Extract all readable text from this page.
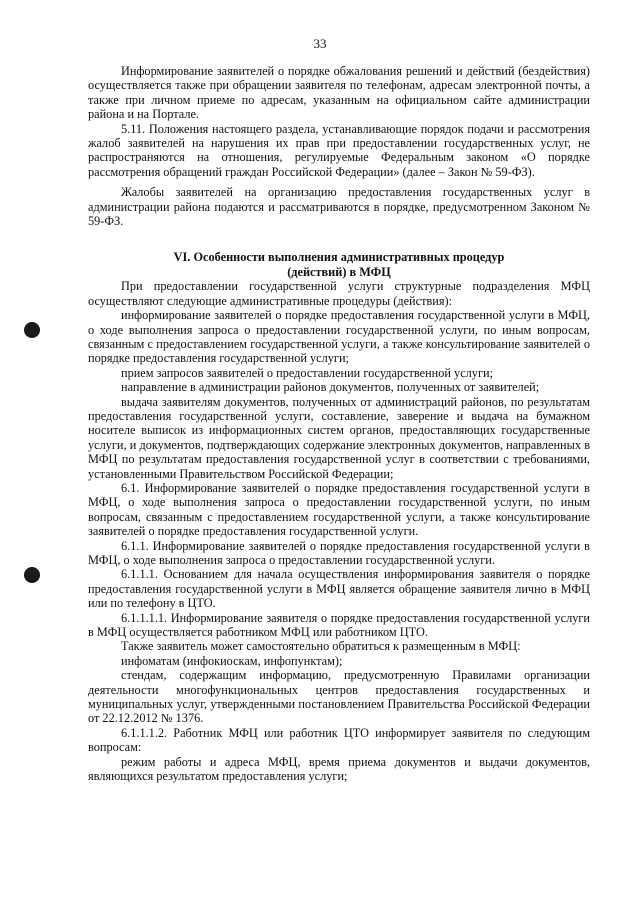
33

Информирование заявителей о порядке обжалования решений и действий (бездействия) осуществляется также при обращении заявителя по телефонам, адресам электронной почты, а также при личном приеме по адресам, указанным на официальном сайте администрации района и на Портале.

5.11. Положения настоящего раздела, устанавливающие порядок подачи и рассмотрения жалоб заявителей на нарушения их прав при предоставлении государственных услуг, не распространяются на отношения, регулируемые Федеральным законом «О порядке рассмотрения обращений граждан Российской Федерации» (далее – Закон № 59-ФЗ).

Жалобы заявителей на организацию предоставления государственных услуг в администрации района подаются и рассматриваются в порядке, предусмотренном Законом № 59-ФЗ.

VI. Особенности выполнения административных процедур
(действий) в МФЦ

При предоставлении государственной услуги структурные подразделения МФЦ осуществляют следующие административные процедуры (действия):

информирование заявителей о порядке предоставления государственной услуги в МФЦ, о ходе выполнения запроса о предоставлении государственной услуги, по иным вопросам, связанным с предоставлением государственной услуги, а также консультирование заявителей о порядке предоставления государственной услуги;

прием запросов заявителей о предоставлении государственной услуги;

направление в администрации районов документов, полученных от заявителей;

выдача заявителям документов, полученных от администраций районов, по результатам предоставления государственной услуги, составление, заверение и выдача на бумажном носителе выписок из информационных систем органов, предоставляющих государственные услуги, и документов, подтверждающих содержание электронных документов, направленных в МФЦ по результатам предоставления государственной услуг в соответствии с требованиями, установленными Правительством Российской Федерации;

6.1. Информирование заявителей о порядке предоставления государственной услуги в МФЦ, о ходе выполнения запроса о предоставлении государственной услуги, по иным вопросам, связанным с предоставлением государственной услуги, а также консультирование заявителей о порядке предоставления государственной услуги.

6.1.1. Информирование заявителей о порядке предоставления государственной услуги в МФЦ, о ходе выполнения запроса о предоставлении государственной услуги.

6.1.1.1. Основанием для начала осуществления информирования заявителя о порядке предоставления государственной услуги в МФЦ является обращение заявителя лично в МФЦ или по телефону в ЦТО.

6.1.1.1.1. Информирование заявителя о порядке предоставления государственной услуги в МФЦ осуществляется работником МФЦ или работником ЦТО.

Также заявитель может самостоятельно обратиться к размещенным в МФЦ:

инфоматам (инфокиоскам, инфопунктам);

стендам, содержащим информацию, предусмотренную Правилами организации деятельности многофункциональных центров предоставления государственных и муниципальных услуг, утвержденными постановлением Правительства Российской Федерации от 22.12.2012 № 1376.

6.1.1.1.2. Работник МФЦ или работник ЦТО информирует заявителя по следующим вопросам:

режим работы и адреса МФЦ, время приема документов и выдачи документов, являющихся результатом предоставления услуги;
